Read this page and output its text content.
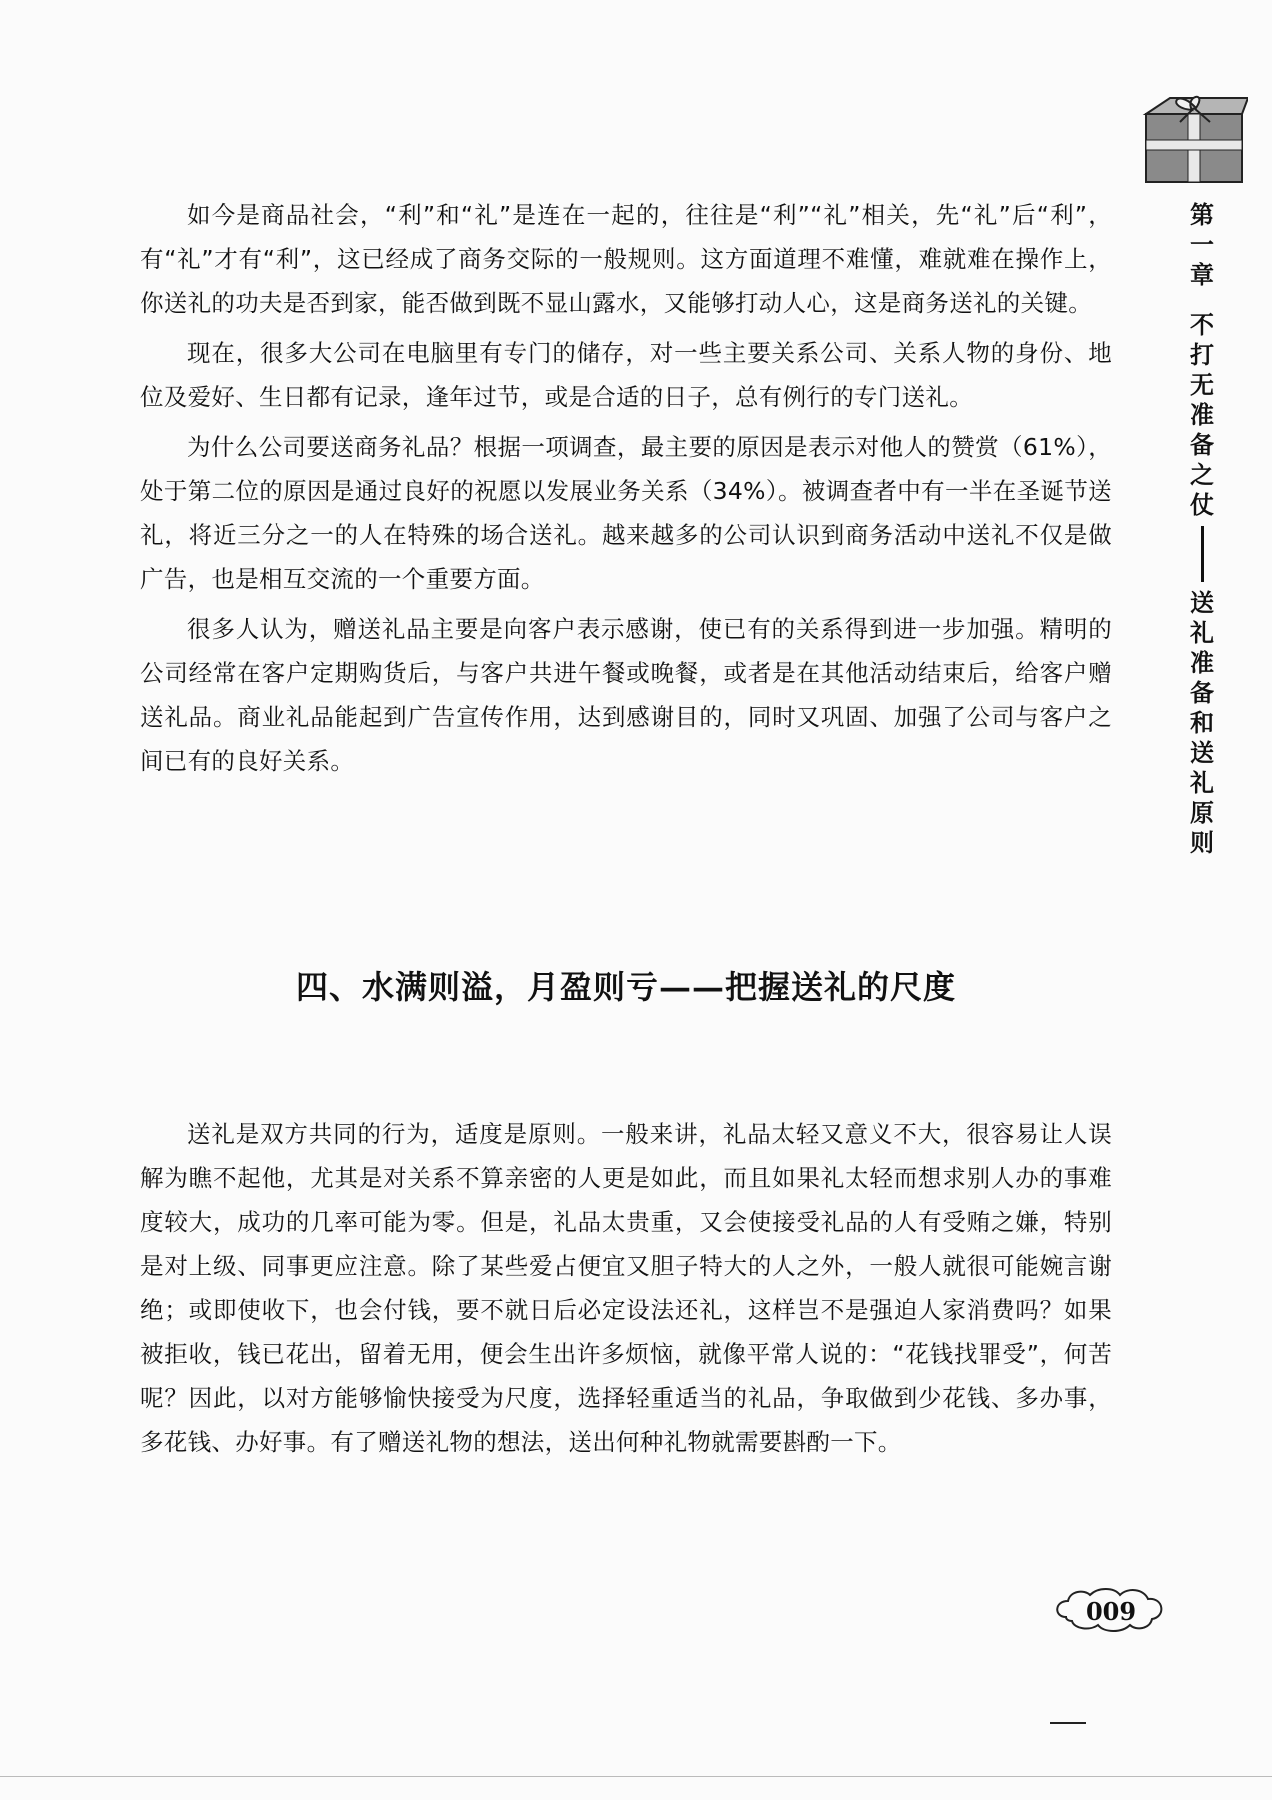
第
一
章
不
打
无
准
备
之
仗
送
礼
准
备
和
送
礼
原
则

如今是商品社会，“利”和“礼”是连在一起的，往往是“利”“礼”相关，先“礼”后“利”，有“礼”才有“利”，这已经成了商务交际的一般规则。这方面道理不难懂，难就难在操作上，你送礼的功夫是否到家，能否做到既不显山露水，又能够打动人心，这是商务送礼的关键。

现在，很多大公司在电脑里有专门的储存，对一些主要关系公司、关系人物的身份、地位及爱好、生日都有记录，逢年过节，或是合适的日子，总有例行的专门送礼。

为什么公司要送商务礼品？根据一项调查，最主要的原因是表示对他人的赞赏（61%），处于第二位的原因是通过良好的祝愿以发展业务关系（34%）。被调查者中有一半在圣诞节送礼，将近三分之一的人在特殊的场合送礼。越来越多的公司认识到商务活动中送礼不仅是做广告，也是相互交流的一个重要方面。

很多人认为，赠送礼品主要是向客户表示感谢，使已有的关系得到进一步加强。精明的公司经常在客户定期购货后，与客户共进午餐或晚餐，或者是在其他活动结束后，给客户赠送礼品。商业礼品能起到广告宣传作用，达到感谢目的，同时又巩固、加强了公司与客户之间已有的良好关系。

四、水满则溢，月盈则亏——把握送礼的尺度

送礼是双方共同的行为，适度是原则。一般来讲，礼品太轻又意义不大，很容易让人误解为瞧不起他，尤其是对关系不算亲密的人更是如此，而且如果礼太轻而想求别人办的事难度较大，成功的几率可能为零。但是，礼品太贵重，又会使接受礼品的人有受贿之嫌，特别是对上级、同事更应注意。除了某些爱占便宜又胆子特大的人之外，一般人就很可能婉言谢绝；或即使收下，也会付钱，要不就日后必定设法还礼，这样岂不是强迫人家消费吗？如果被拒收，钱已花出，留着无用，便会生出许多烦恼，就像平常人说的：“花钱找罪受”，何苦呢？因此，以对方能够愉快接受为尺度，选择轻重适当的礼品，争取做到少花钱、多办事，多花钱、办好事。有了赠送礼物的想法，送出何种礼物就需要斟酌一下。

009
